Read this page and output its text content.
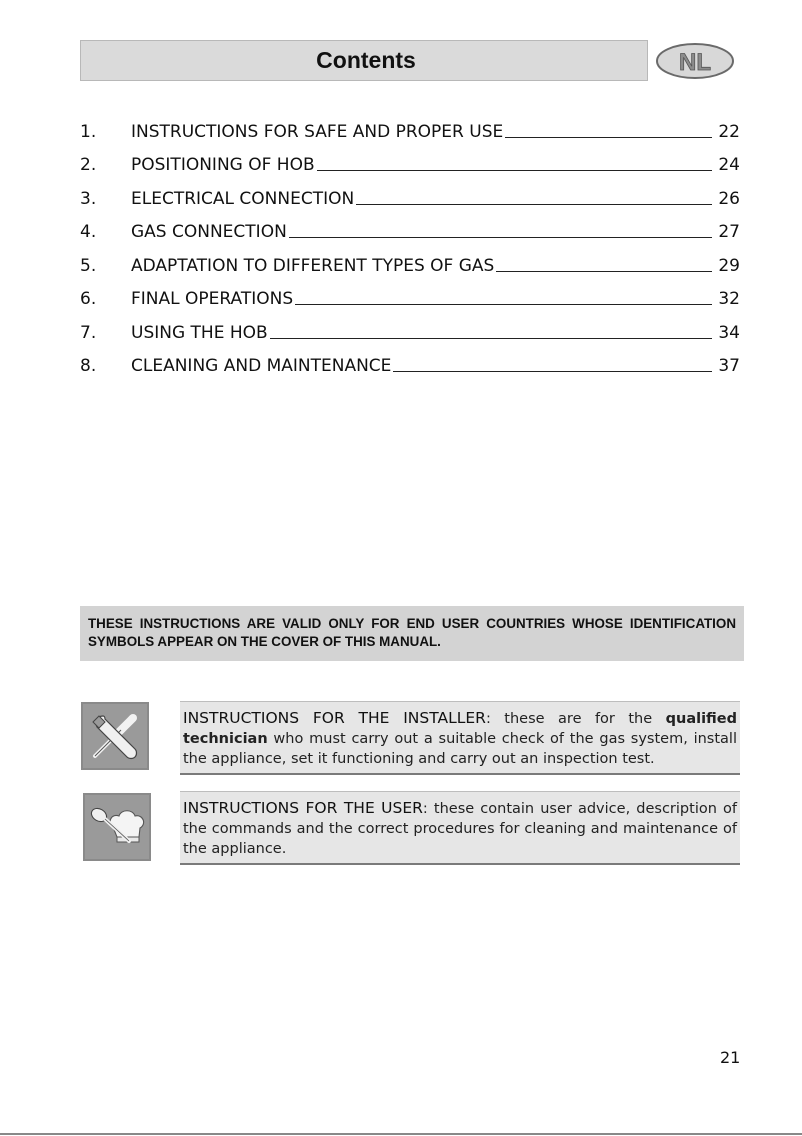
Contents	NL
1.	INSTRUCTIONS FOR SAFE AND PROPER USE	22
2.	POSITIONING OF HOB	24
3.	ELECTRICAL CONNECTION	26
4.	GAS CONNECTION	27
5.	ADAPTATION TO DIFFERENT TYPES OF GAS	29
6.	FINAL OPERATIONS	32
7.	USING THE HOB	34
8.	CLEANING AND MAINTENANCE	37
THESE INSTRUCTIONS ARE VALID ONLY FOR END USER COUNTRIES WHOSE IDENTIFICATION SYMBOLS APPEAR ON THE COVER OF THIS MANUAL.
INSTRUCTIONS FOR THE INSTALLER: these are for the qualified technician who must carry out a suitable check of the gas system, install the appliance, set it functioning and carry out an inspection test.
INSTRUCTIONS FOR THE USER: these contain user advice, description of the commands and the correct procedures for cleaning and maintenance of the appliance.
21
